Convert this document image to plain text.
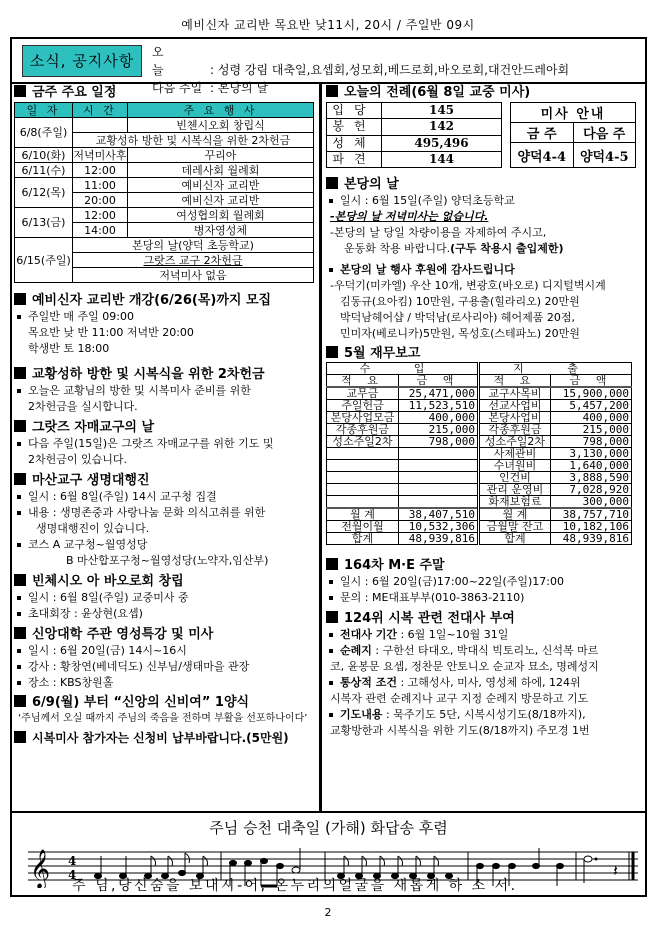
예비신자 교리반 목요반 낮11시, 20시 / 주일반 09시
소식, 공지사항	오늘 : 성령 강림 대축일,요셉회,성모회,베드로회,바오로회,대건안드레아회
다음 주일 : 본당의 날
금주 주요 일정
일 자	시 간	주 요 행 사
6/8(주일)		빈첸시오회 창립식
	교황성하 방한 및 시복식을 위한 2차헌금	
6/10(화)	저녁미사후	꾸리아
6/11(수)	12:00	데레사회 월례회
6/12(목)	11:00	예비신자 교리반
	20:00	예비신자 교리반
6/13(금)	12:00	여성협의회 월례회
	14:00	병자영성체
6/15(주일)	본당의 날(양덕 초등학교)	
	그랏즈 교구 2차헌금	
	저녁미사 없음	
예비신자 교리반 개강(6/26(목)까지 모집
주일반 매 주일 09:00
목요반 낮 반 11:00 저녁반 20:00
학생반 토 18:00
교황성하 방한 및 시복식을 위한 2차헌금
오늘은 교황님의 방한 및 시복미사 준비를 위한
2차헌금을 실시합니다.
그랏즈 자매교구의 날
다음 주일(15일)은 그랏즈 자매교구를 위한 기도 및
2차헌금이 있습니다.
마산교구 생명대행진
일시 : 6월 8일(주일) 14시 교구청 집결
내용 : 생명존중과 사랑나눔 문화 의식고취를 위한
생명대행진이 있습니다.
코스 A 교구청~월영성당
B 마산합포구청~월영성당(노약자,임산부)
빈체시오 아 바오로회 창립
일시 : 6월 8일(주일) 교중미사 중
초대회장 : 윤상현(요셉)
신앙대학 주관 영성특강 및 미사
일시 : 6월 20일(금) 14시~16시
강사 : 황창연(베네딕도) 신부님/생태마을 관장
장소 : KBS창원홀
6/9(월) 부터 “신앙의 신비여” 1양식
‘주님께서 오실 때까지 주님의 죽음을 전하며 부활을 선포하나이다’
시복미사 참가자는 신청비 납부바랍니다.(5만원)
오늘의 전례(6월 8일 교중 미사)
입당	145
봉헌	142
성체	495,496
파견	144
미사 안내	
금 주	다음 주
양덕4-4	양덕4-5
본당의 날
일시 : 6월 15일(주일) 양덕초등학교
-본당의 날 저녁미사는 없습니다.
-본당의 날 당일 차량이용을 자제하여 주시고,
운동화 착용 바랍니다.(구두 착용시 출입제한)
본당의 날 행사 후원에 감사드립니다
-우덕기(미카엘) 우산 10개, 변광호(바오로) 디지털벽시계
김동규(요아킴) 10만원, 구용출(힐라리오) 20만원
박덕남헤어샵 / 박덕남(로사리아) 헤어제품 20점,
민미자(베로니카)5만원, 목성호(스테파노) 20만원
5월 재무보고
수 입		지 출	
적 요	금 액	적 요	금 액
교무금	25,471,000	교구사목비	15,900,000
주일헌금	11,523,510	선교사업비	5,457,200
본당사업모금	400,000	본당사업비	400,000
각종후원금	215,000	각종후원금	215,000
성소주일2차	798,000	성소주일2차	798,000
		사제관비	3,130,000
		수녀원비	1,640,000
		인건비	3,888,590
		관리 운영비	7,028,920
		화재보험료	300,000
월 계	38,407,510	월 계	38,757,710
전월이월	10,532,306	금월말 잔고	10,182,106
합계	48,939,816	합계	48,939,816
164차 M·E 주말
일시 : 6월 20일(금)17:00~22일(주일)17:00
문의 : ME대표부부(010-3863-2110)
124위 시복 관련 전대사 부여
전대사 기간 : 6월 1일~10월 31일
순례지 : 구한선 타대오, 박대식 빅토리노, 신석복 마르
코, 윤봉문 요셉, 정찬문 안토니오 순교자 묘소, 명례성지
통상적 조건 : 고해성사, 미사, 영성체 하에, 124위
시복자 관련 순례지나 교구 지정 순례지 방문하고 기도
기도내용 : 묵주기도 5단, 시복시성기도(8/18까지),
교황방한과 시복식을 위한 기도(8/18까지) 주모경 1번
주님 승천 대축일 (가해) 화답송 후렴
𝄞 4
4	𝄽
주 님,당신숨을 보내시-어, 온누리의얼굴을 새롭게 하 소 서.
2
